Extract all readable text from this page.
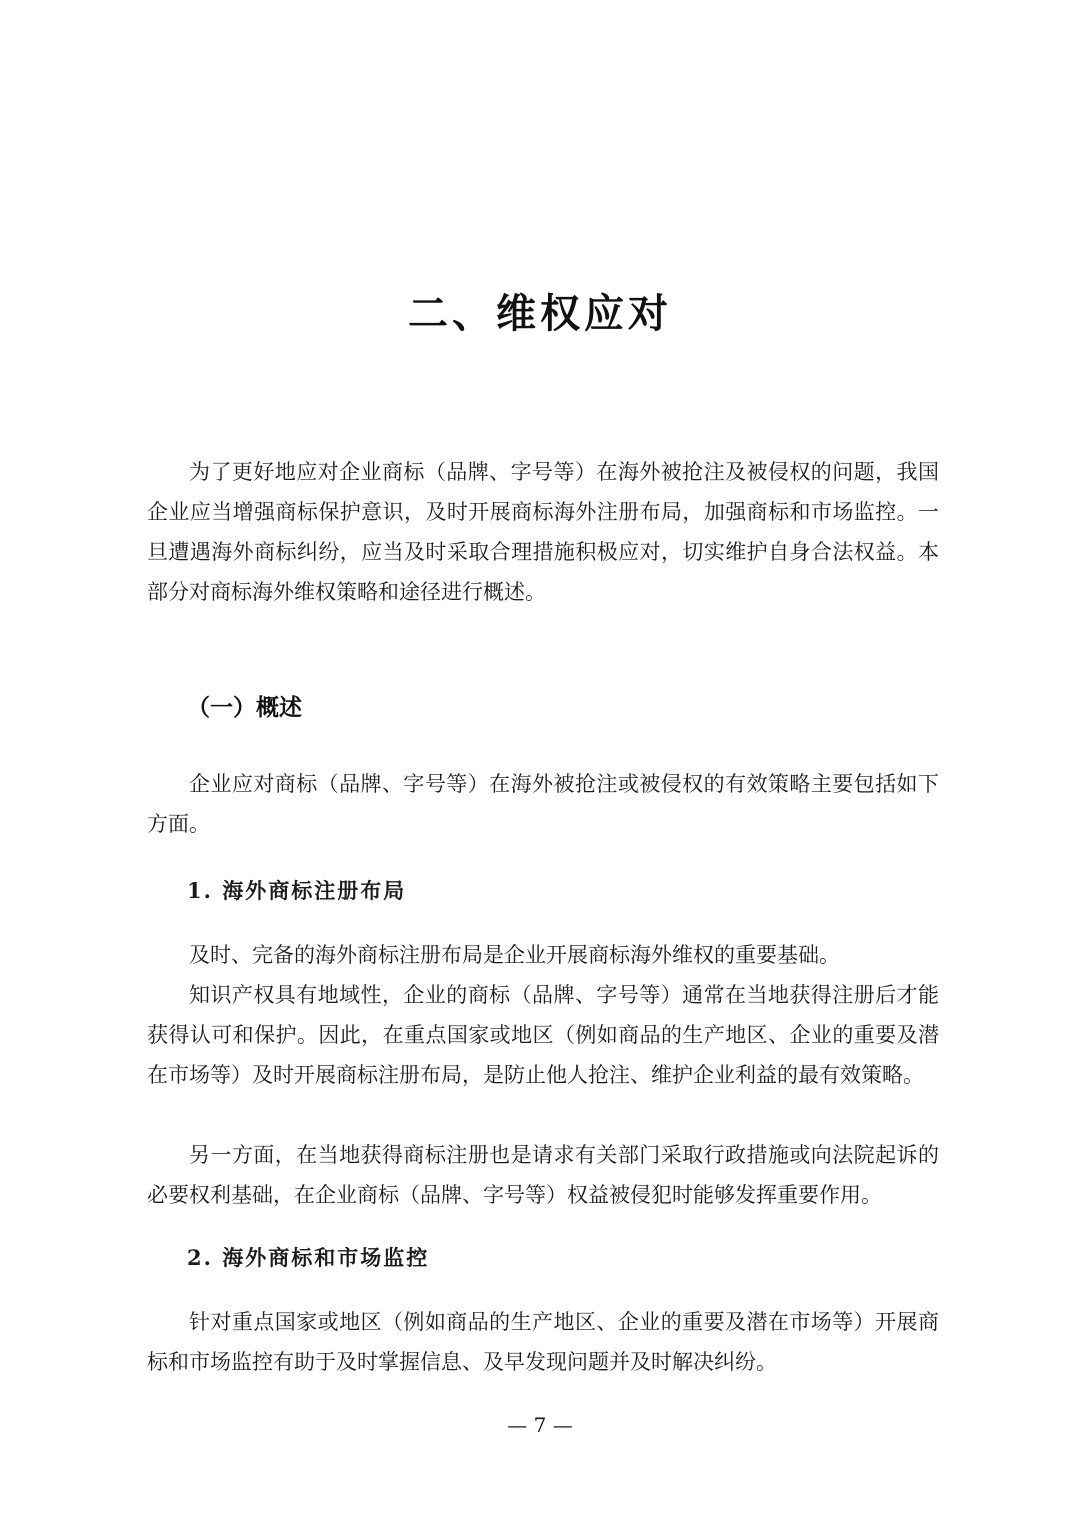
二、维权应对

为了更好地应对企业商标（品牌、字号等）在海外被抢注及被侵权的问题，我国企业应当增强商标保护意识，及时开展商标海外注册布局，加强商标和市场监控。一旦遭遇海外商标纠纷，应当及时采取合理措施积极应对，切实维护自身合法权益。本部分对商标海外维权策略和途径进行概述。

（一）概述

企业应对商标（品牌、字号等）在海外被抢注或被侵权的有效策略主要包括如下方面。

1. 海外商标注册布局

及时、完备的海外商标注册布局是企业开展商标海外维权的重要基础。

知识产权具有地域性，企业的商标（品牌、字号等）通常在当地获得注册后才能获得认可和保护。因此，在重点国家或地区（例如商品的生产地区、企业的重要及潜在市场等）及时开展商标注册布局，是防止他人抢注、维护企业利益的最有效策略。

另一方面，在当地获得商标注册也是请求有关部门采取行政措施或向法院起诉的必要权利基础，在企业商标（品牌、字号等）权益被侵犯时能够发挥重要作用。

2. 海外商标和市场监控

针对重点国家或地区（例如商品的生产地区、企业的重要及潜在市场等）开展商标和市场监控有助于及时掌握信息、及早发现问题并及时解决纠纷。

— 7 —
